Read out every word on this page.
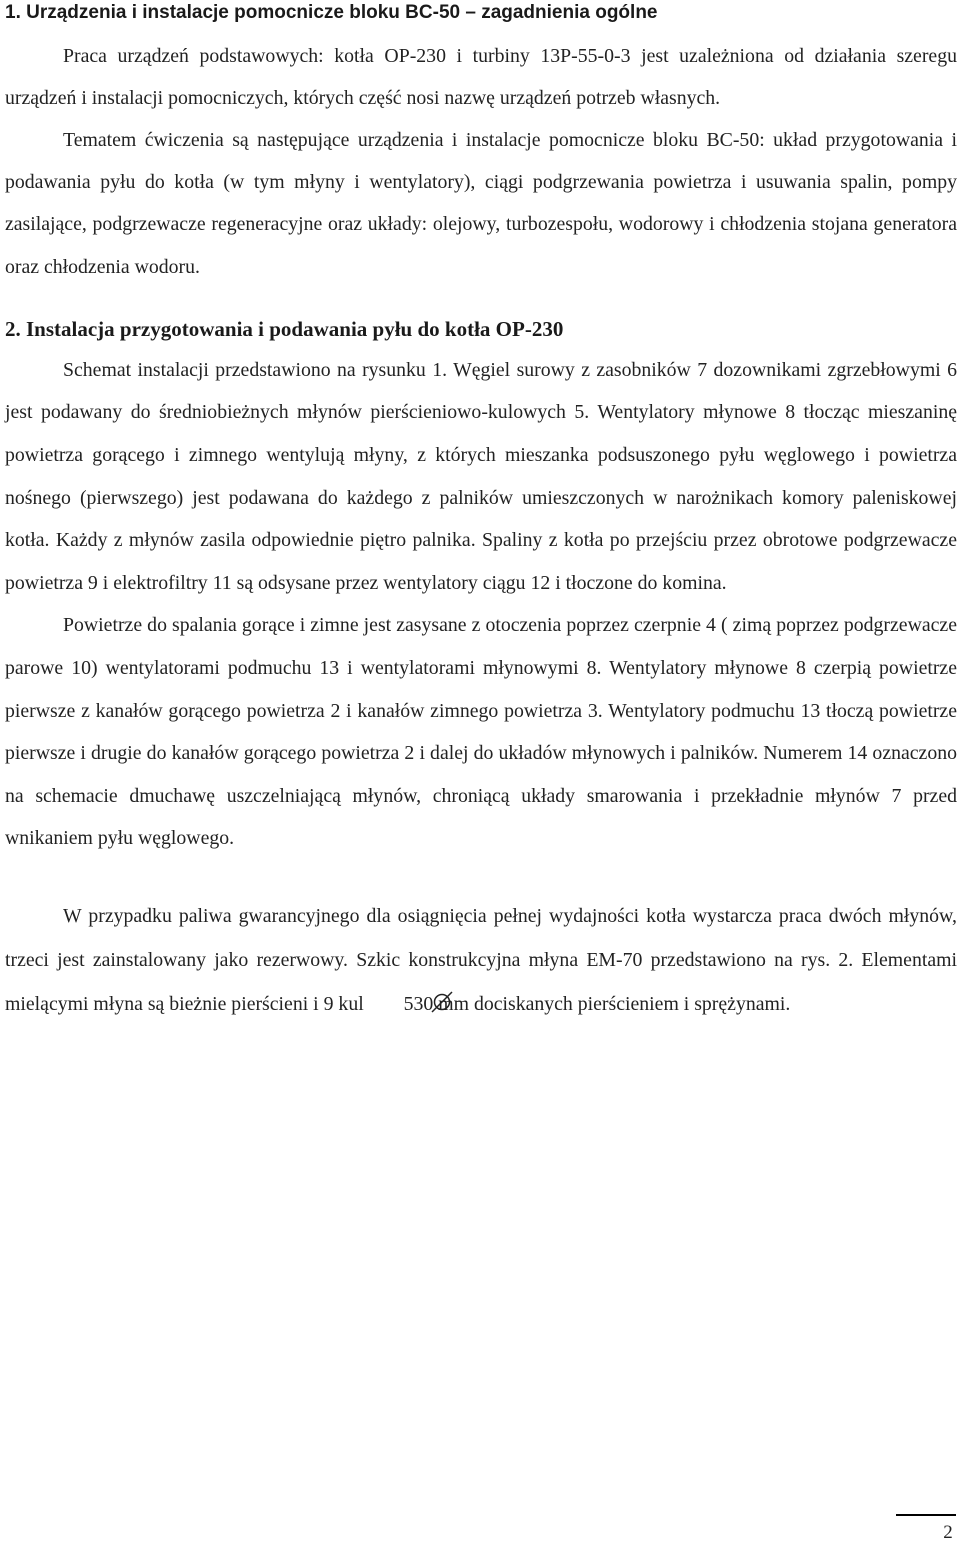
1. Urządzenia i instalacje pomocnicze bloku BC-50 – zagadnienia ogólne

Praca urządzeń podstawowych: kotła OP-230 i turbiny 13P-55-0-3 jest uzależniona od działania szeregu urządzeń i instalacji pomocniczych, których część nosi nazwę urządzeń potrzeb własnych.

Tematem ćwiczenia są następujące urządzenia i instalacje pomocnicze bloku BC-50: układ przygotowania i podawania pyłu do kotła (w tym młyny i wentylatory), ciągi podgrzewania powietrza i usuwania spalin, pompy zasilające, podgrzewacze regeneracyjne oraz układy: olejowy, turbozespołu, wodorowy i chłodzenia stojana generatora oraz chłodzenia wodoru.

2. Instalacja przygotowania i podawania pyłu do kotła OP-230

Schemat instalacji przedstawiono na rysunku 1. Węgiel surowy z zasobników 7 dozownikami zgrzebłowymi 6 jest podawany do średniobieżnych młynów pierścieniowo-kulowych 5. Wentylatory młynowe 8 tłocząc mieszaninę powietrza gorącego i zimnego wentylują młyny, z których mieszanka podsuszonego pyłu węglowego i powietrza nośnego (pierwszego) jest podawana do każdego z palników umieszczonych w narożnikach komory paleniskowej kotła. Każdy z młynów zasila odpowiednie piętro palnika. Spaliny z kotła po przejściu przez obrotowe podgrzewacze powietrza 9 i elektrofiltry 11 są odsysane przez wentylatory ciągu 12 i tłoczone do komina.

Powietrze do spalania gorące i zimne jest zasysane z otoczenia poprzez czerpnie 4 ( zimą poprzez podgrzewacze parowe 10) wentylatorami podmuchu 13 i wentylatorami młynowymi 8. Wentylatory młynowe 8 czerpią powietrze pierwsze z kanałów gorącego powietrza 2 i kanałów zimnego powietrza 3. Wentylatory podmuchu 13 tłoczą powietrze pierwsze i drugie do kanałów gorącego powietrza 2 i dalej do układów młynowych i palników. Numerem 14 oznaczono na schemacie dmuchawę uszczelniającą młynów, chroniącą układy smarowania i przekładnie młynów 7 przed wnikaniem pyłu węglowego.

W przypadku paliwa gwarancyjnego dla osiągnięcia pełnej wydajności kotła wystarcza praca dwóch młynów, trzeci jest zainstalowany jako rezerwowy. Szkic konstrukcyjna młyna EM-70 przedstawiono na rys. 2. Elementami mielącymi młyna są bieżnie pierścieni i 9 kul 530 mm dociskanych pierścieniem i sprężynami.

2
